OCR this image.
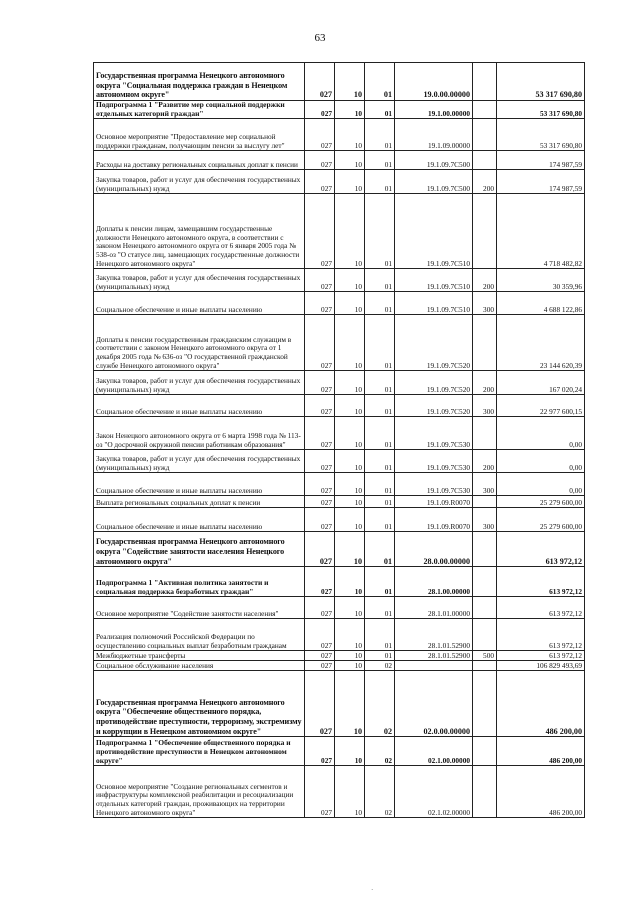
63
Государственная программа Ненецкого автономного округа "Социальная поддержка граждан в Ненецком автономном округе"	027	10	01	19.0.00.00000		53 317 690,80
Подпрограмма 1 "Развитие мер социальной поддержки отдельных категорий граждан"	027	10	01	19.1.00.00000		53 317 690,80
Основное мероприятие "Предоставление мер социальной поддержки гражданам, получающим пенсии за выслугу лет"	027	10	01	19.1.09.00000		53 317 690,80
Расходы на доставку региональных социальных доплат к пенсии	027	10	01	19.1.09.7С500		174 987,59
Закупка товаров, работ и услуг для обеспечения государственных (муниципальных) нужд	027	10	01	19.1.09.7С500	200	174 987,59
Доплаты к пенсии лицам, замещавшим государственные должности Ненецкого автономного округа, в соответствии с законом Ненецкого автономного округа от 6 января 2005 года № 538-оз "О статусе лиц, замещающих государственные должности Ненецкого автономного округа"	027	10	01	19.1.09.7С510		4 718 482,82
Закупка товаров, работ и услуг для обеспечения государственных (муниципальных) нужд	027	10	01	19.1.09.7С510	200	30 359,96
Социальное обеспечение и иные выплаты населению	027	10	01	19.1.09.7С510	300	4 688 122,86
Доплаты к пенсии государственным гражданским служащим в соответствии с законом Ненецкого автономного округа от 1 декабря 2005 года № 636-оз "О государственной гражданской службе Ненецкого автономного округа"	027	10	01	19.1.09.7С520		23 144 620,39
Закупка товаров, работ и услуг для обеспечения государственных (муниципальных) нужд	027	10	01	19.1.09.7С520	200	167 020,24
Социальное обеспечение и иные выплаты населению	027	10	01	19.1.09.7С520	300	22 977 600,15
Закон Ненецкого автономного округа от 6 марта 1998 года № 113-оз "О досрочной окружной пенсии работникам образования"	027	10	01	19.1.09.7С530		0,00
Закупка товаров, работ и услуг для обеспечения государственных (муниципальных) нужд	027	10	01	19.1.09.7С530	200	0,00
Социальное обеспечение и иные выплаты населению	027	10	01	19.1.09.7С530	300	0,00
Выплата региональных социальных доплат к пенсии	027	10	01	19.1.09.R0070		25 279 600,00
Социальное обеспечение и иные выплаты населению	027	10	01	19.1.09.R0070	300	25 279 600,00
Государственная программа Ненецкого автономного округа "Содействие занятости населения Ненецкого автономного округа"	027	10	01	28.0.00.00000		613 972,12
Подпрограмма 1 "Активная политика занятости и социальная поддержка безработных граждан"	027	10	01	28.1.00.00000		613 972,12
Основное мероприятие "Содействие занятости населения"	027	10	01	28.1.01.00000		613 972,12
Реализация полномочий Российской Федерации по осуществлению социальных выплат безработным гражданам	027	10	01	28.1.01.52900		613 972,12
Межбюджетные трансферты	027	10	01	28.1.01.52900	500	613 972,12
Социальное обслуживание населения	027	10	02			106 829 493,69
Государственная программа Ненецкого автономного округа "Обеспечение общественного порядка, противодействие преступности, терроризму, экстремизму и коррупции в Ненецком автономном округе"	027	10	02	02.0.00.00000		486 200,00
Подпрограмма 1 "Обеспечение общественного порядка и противодействие преступности в Ненецком автономном округе"	027	10	02	02.1.00.00000		486 200,00
Основное мероприятие "Создание региональных сегментов и инфраструктуры комплексной реабилитации и ресоциализации отдельных категорий граждан, проживающих на территории Ненецкого автономного округа"	027	10	02	02.1.02.00000		486 200,00
·
